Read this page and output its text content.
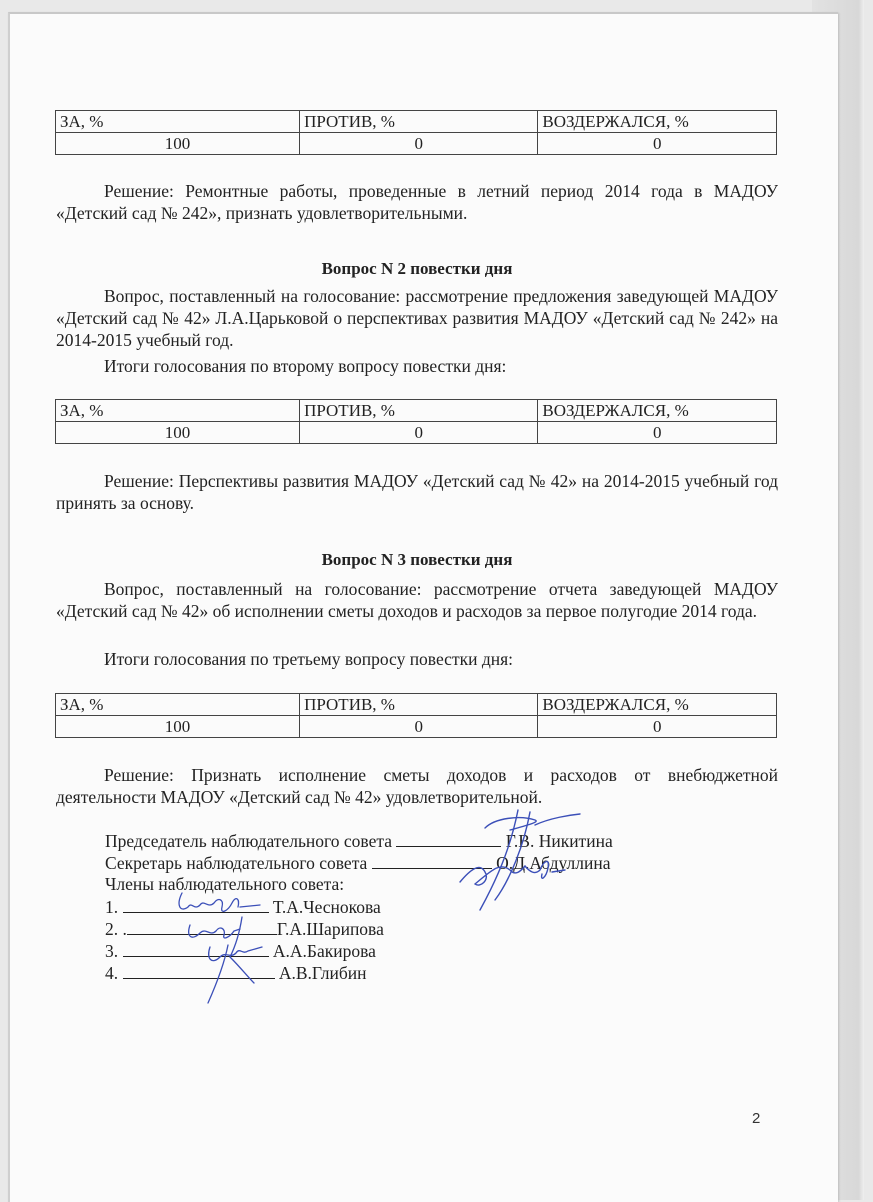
ЗА, %	ПРОТИВ, %	ВОЗДЕРЖАЛСЯ, %
100	0	0
Решение: Ремонтные работы, проведенные в летний период 2014 года в МАДОУ «Детский сад № 242», признать удовлетворительными.
Вопрос N 2 повестки дня
Вопрос, поставленный на голосование: рассмотрение предложения заведующей МАДОУ «Детский сад № 42» Л.А.Царьковой о перспективах развития МАДОУ «Детский сад № 242» на 2014-2015 учебный год.
Итоги голосования по второму вопросу повестки дня:
ЗА, %	ПРОТИВ, %	ВОЗДЕРЖАЛСЯ, %
100	0	0
Решение: Перспективы развития МАДОУ «Детский сад № 42» на 2014-2015 учебный год принять за основу.
Вопрос N 3 повестки дня
Вопрос, поставленный на голосование: рассмотрение отчета заведующей МАДОУ «Детский сад № 42» об исполнении сметы доходов и расходов за первое полугодие 2014 года.
Итоги голосования по третьему вопросу повестки дня:
ЗА, %	ПРОТИВ, %	ВОЗДЕРЖАЛСЯ, %
100	0	0
Решение: Признать исполнение сметы доходов и расходов от внебюджетной деятельности МАДОУ «Детский сад № 42» удовлетворительной.
Председатель наблюдательного совета	Г.В. Никитина
Секретарь наблюдательного совета	О.Д.Абдуллина
Члены наблюдательного совета:
1.	Т.А.Чеснокова
2. .	Г.А.Шарипова
3.	А.А.Бакирова
4.	А.В.Глибин
2
